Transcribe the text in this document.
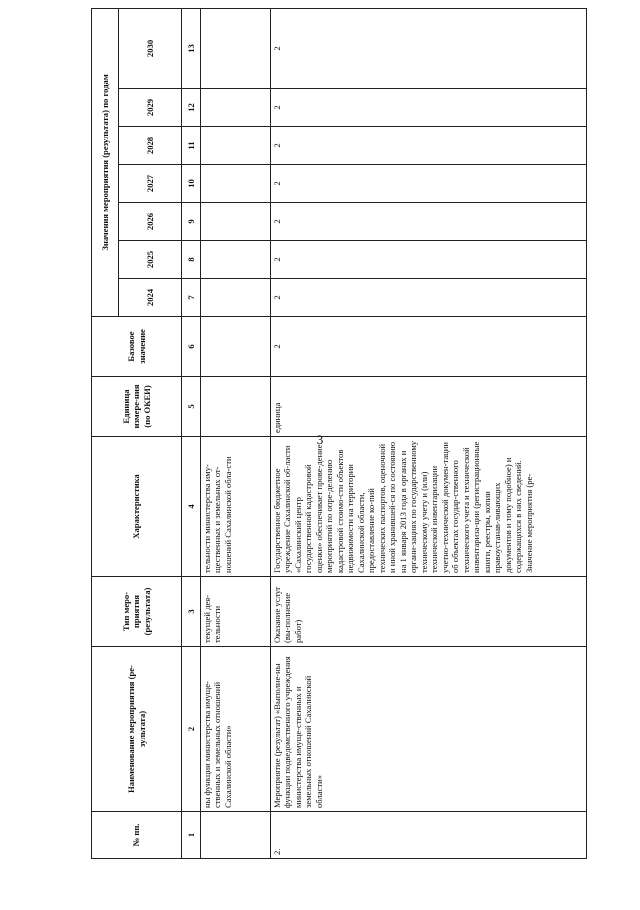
3
№ пп.	Наименование мероприятия (ре-зультата)	Тип меро-приятия (результата)	Характеристика	Единица измере-ния (по ОКЕИ)	Базовое значение	Значения мероприятия (результата) по годам						
						2024	2025	2026	2027	2028	2029	2030
1	2	3	4	5	6	7	8	9	10	11	12	13
	ны функции министерства имуще-ственных и земельных отношений Сахалинской области»	текущей дея-тельности	тельности министерства иму-щественных и земельных от-ношений Сахалинской обла-сти									
2.	Мероприятие (результат) «Выполне-ны функции подведомственного учреждения министерства имуще-ственных и земельных отношений Сахалинской области»	Оказание услуг (вы-полнение работ)	Государственное бюджетное учреждение Сахалинской об-ласти «Сахалинский центр государственной кадастровой оценки» обеспечивает прове-дение мероприятий по опре-делению кадастровой стоимо-сти объектов недвижимости на территории Сахалинской области, предоставление ко-пий технических паспортов, оценочной и иной хранившей-ся по состоянию на 1 января 2013 года в органах и органи-зациях по государственному техническому учету и (или) технической инвентаризации учетно-технической докумен-тации об объектах государ-ственного технического учета и технической инвентариза-ции (регистрационные книги, реестры, копии правоустанав-ливающих документов и тому подобное) и содержащихся в них сведений. Значение мероприятия (ре-	единица	2	2	2	2	2	2	2	2
